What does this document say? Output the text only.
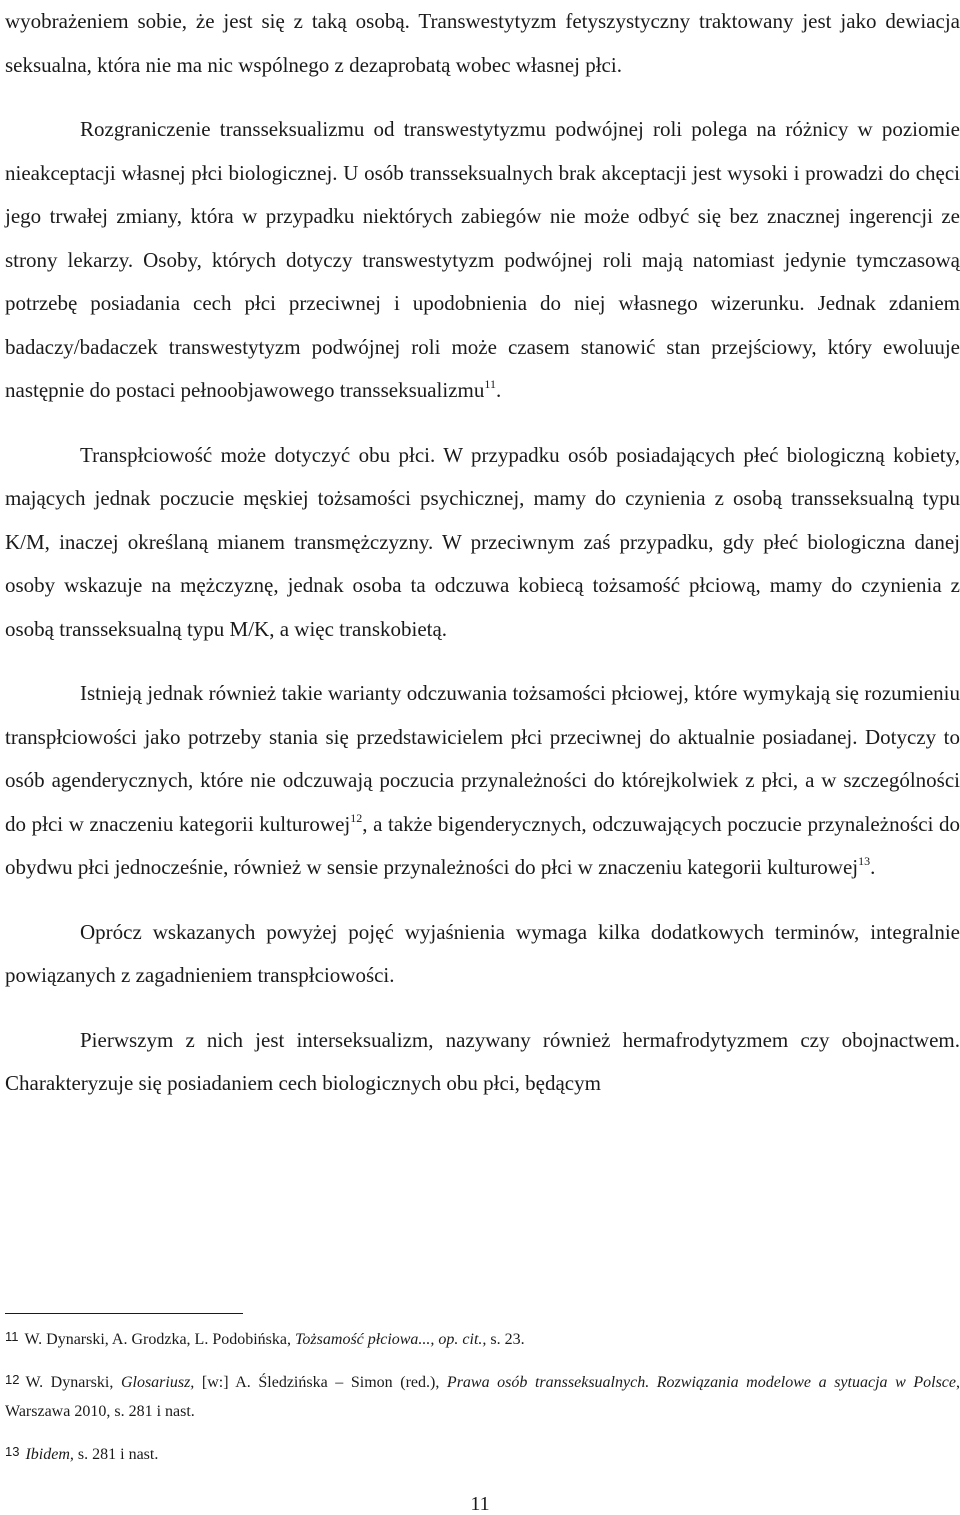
wyobrażeniem sobie, że jest się z taką osobą. Transwestytyzm fetyszystyczny traktowany jest jako dewiacja seksualna, która nie ma nic wspólnego z dezaprobatą wobec własnej płci.

Rozgraniczenie transseksualizmu od transwestytyzmu podwójnej roli polega na różnicy w poziomie nieakceptacji własnej płci biologicznej. U osób transseksualnych brak akceptacji jest wysoki i prowadzi do chęci jego trwałej zmiany, która w przypadku niektórych zabiegów nie może odbyć się bez znacznej ingerencji ze strony lekarzy. Osoby, których dotyczy transwestytyzm podwójnej roli mają natomiast jedynie tymczasową potrzebę posiadania cech płci przeciwnej i upodobnienia do niej własnego wizerunku. Jednak zdaniem badaczy/badaczek transwestytyzm podwójnej roli może czasem stanowić stan przejściowy, który ewoluuje następnie do postaci pełnoobjawowego transseksualizmu$^{11}$.

Transpłciowość może dotyczyć obu płci. W przypadku osób posiadających płeć biologiczną kobiety, mających jednak poczucie męskiej tożsamości psychicznej, mamy do czynienia z osobą transseksualną typu K/M, inaczej określaną mianem transmężczyzny. W przeciwnym zaś przypadku, gdy płeć biologiczna danej osoby wskazuje na mężczyznę, jednak osoba ta odczuwa kobiecą tożsamość płciową, mamy do czynienia z osobą transseksualną typu M/K, a więc transkobietą.

Istnieją jednak również takie warianty odczuwania tożsamości płciowej, które wymykają się rozumieniu transpłciowości jako potrzeby stania się przedstawicielem płci przeciwnej do aktualnie posiadanej. Dotyczy to osób agenderycznych, które nie odczuwają poczucia przynależności do którejkolwiek z płci, a w szczególności do płci w znaczeniu kategorii kulturowej$^{12}$, a także bigenderycznych, odczuwających poczucie przynależności do obydwu płci jednocześnie, również w sensie przynależności do płci w znaczeniu kategorii kulturowej$^{13}$.

Oprócz wskazanych powyżej pojęć wyjaśnienia wymaga kilka dodatkowych terminów, integralnie powiązanych z zagadnieniem transpłciowości.

Pierwszym z nich jest interseksualizm, nazywany również hermafrodytyzmem czy obojnactwem. Charakteryzuje się posiadaniem cech biologicznych obu płci, będącym

11 W. Dynarski, A. Grodzka, L. Podobińska, Tożsamość płciowa..., op. cit., s. 23.

12 W. Dynarski, Glosariusz, [w:] A. Śledzińska – Simon (red.), Prawa osób transseksualnych. Rozwiązania modelowe a sytuacja w Polsce, Warszawa 2010, s. 281 i nast.

13 Ibidem, s. 281 i nast.

11
